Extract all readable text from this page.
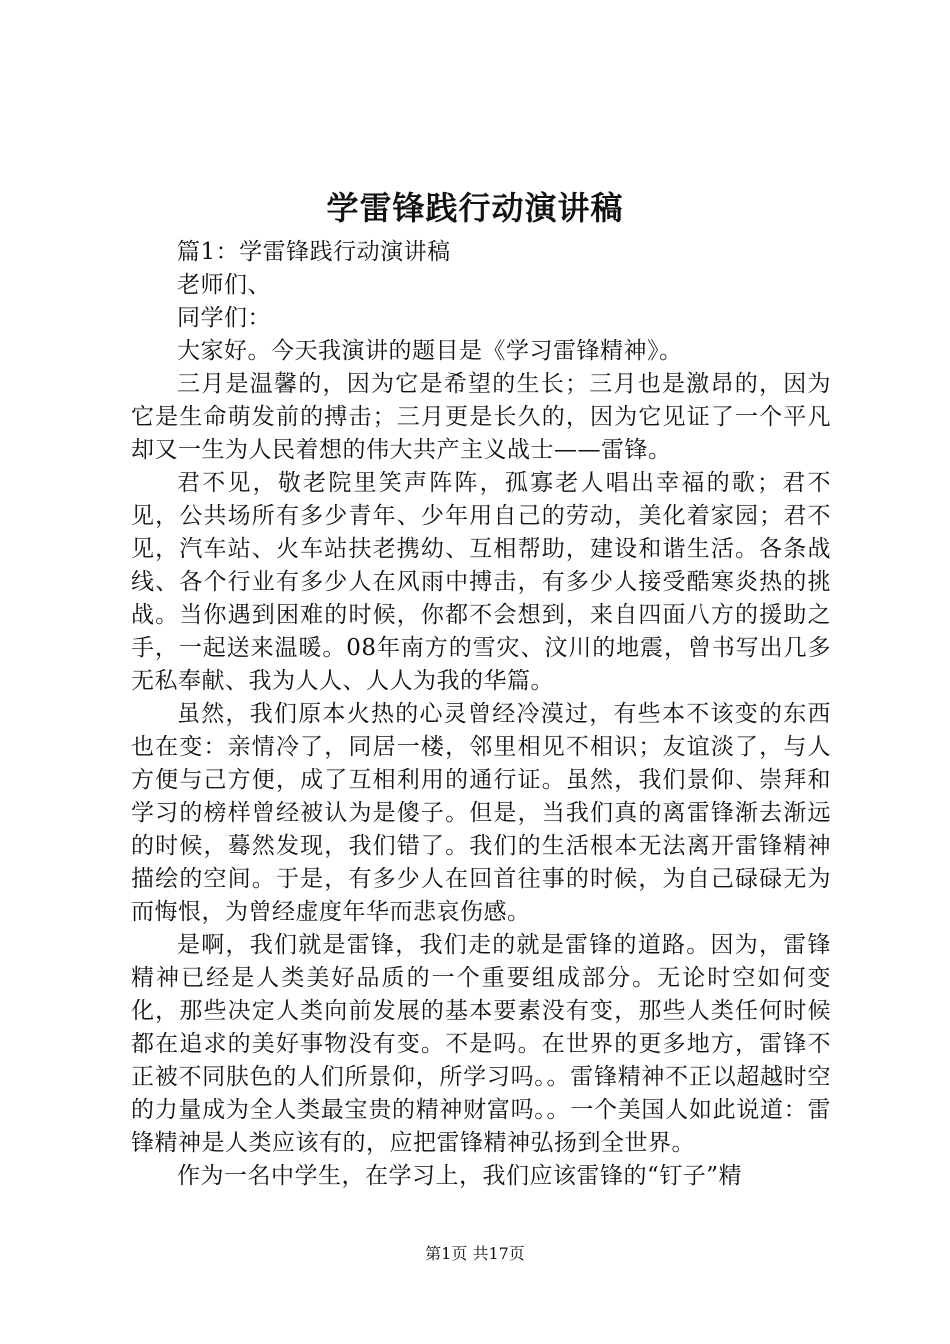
学雷锋践行动演讲稿

篇1：学雷锋践行动演讲稿

老师们、

同学们：

大家好。今天我演讲的题目是《学习雷锋精神》。

三月是温馨的，因为它是希望的生长；三月也是激昂的，因为它是生命萌发前的搏击；三月更是长久的，因为它见证了一个平凡却又一生为人民着想的伟大共产主义战士——雷锋。

君不见，敬老院里笑声阵阵，孤寡老人唱出幸福的歌；君不见，公共场所有多少青年、少年用自己的劳动，美化着家园；君不见，汽车站、火车站扶老携幼、互相帮助，建设和谐生活。各条战线、各个行业有多少人在风雨中搏击，有多少人接受酷寒炎热的挑战。当你遇到困难的时候，你都不会想到，来自四面八方的援助之手，一起送来温暖。08年南方的雪灾、汶川的地震，曾书写出几多无私奉献、我为人人、人人为我的华篇。

虽然，我们原本火热的心灵曾经冷漠过，有些本不该变的东西也在变：亲情冷了，同居一楼，邻里相见不相识；友谊淡了，与人方便与己方便，成了互相利用的通行证。虽然，我们景仰、崇拜和学习的榜样曾经被认为是傻子。但是，当我们真的离雷锋渐去渐远的时候，蓦然发现，我们错了。我们的生活根本无法离开雷锋精神描绘的空间。于是，有多少人在回首往事的时候，为自己碌碌无为而悔恨，为曾经虚度年华而悲哀伤感。

是啊，我们就是雷锋，我们走的就是雷锋的道路。因为，雷锋精神已经是人类美好品质的一个重要组成部分。无论时空如何变化，那些决定人类向前发展的基本要素没有变，那些人类任何时候都在追求的美好事物没有变。不是吗。在世界的更多地方，雷锋不正被不同肤色的人们所景仰，所学习吗。。雷锋精神不正以超越时空的力量成为全人类最宝贵的精神财富吗。。一个美国人如此说道：雷锋精神是人类应该有的，应把雷锋精神弘扬到全世界。

作为一名中学生，在学习上，我们应该雷锋的“钉子”精

第1页 共17页
